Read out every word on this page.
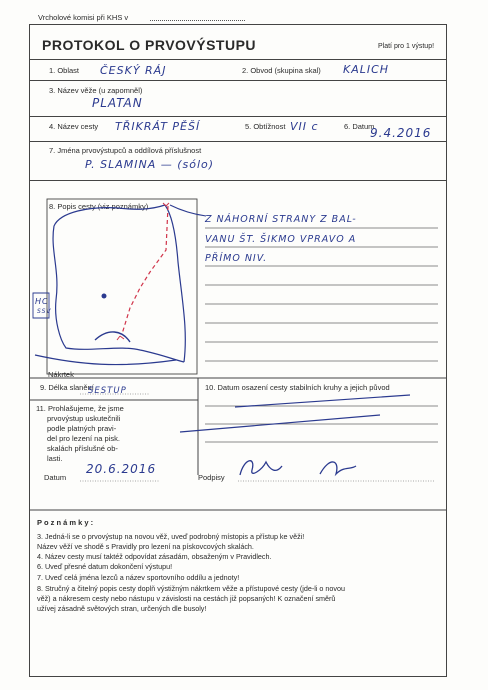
Vrcholové komisi při KHS v
PROTOKOL O PRVOVÝSTUPU	Platí pro 1 výstup!
1. Oblast ČESKÝ RÁJ	2. Obvod (skupina skal) KALICH
3. Název věže (u zapomněl)
PLATAN
4. Název cesty TŘIKRÁT PĚŠÍ	5. Obtížnost VII c	6. Datum
9.4.2016
7. Jména prvovýstupců a oddílová příslušnost
P. SLAMINA — (sólo)
8. Popis cesty (viz poznámky)
Z NÁHORNÍ STRANY Z BAL-
VANU ŠT. ŠIKMO VPRAVO A
PŘÍMO NIV.
Nákrtek
HC
SSV
9. Délka slanění
SESTUP	10. Datum osazení cesty stabilních kruhy a jejich původ
11. Prohlašujeme, že jsme
prvovýstup uskutečnili
podle platných pravi-
del pro lezení na pisk.
skalách příslušné ob-
lasti.
Datum
20.6.2016
Podpisy
P o z n á m k y :
3. Jedná-li se o prvovýstup na novou věž, uveď podrobný místopis a přístup ke věži!
Název věží ve shodě s Pravidly pro lezení na pískovcových skalách.
4. Název cesty musí taktéž odpovídat zásadám, obsaženým v Pravidlech.
6. Uveď přesné datum dokončení výstupu!
7. Uveď celá jména lezců a název sportovního oddílu a jednoty!
8. Stručný a čitelný popis cesty doplň výstižným nákrtkem věže a přístupové cesty (jde-li o novou
věž) a nákresem cesty nebo nástupu v závislosti na cestách již popsaných! K označení směrů
užívej zásadně světových stran, určených dle busoly!
